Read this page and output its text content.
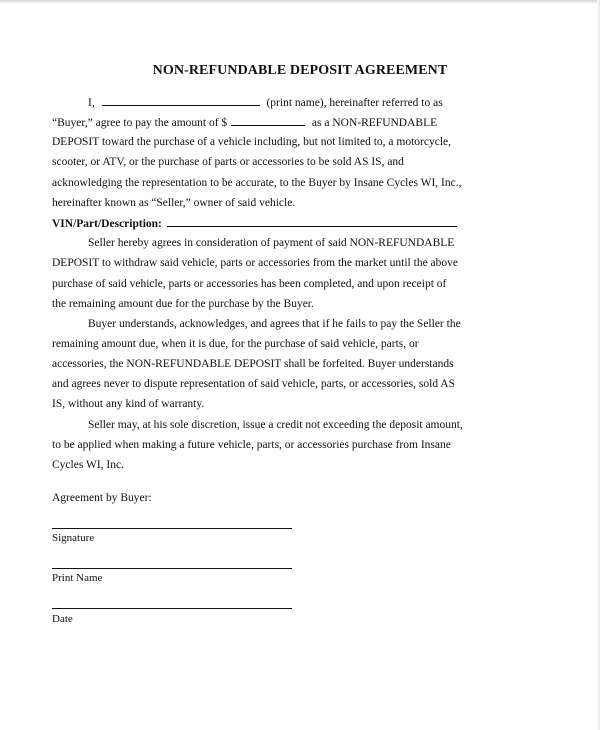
NON-REFUNDABLE DEPOSIT AGREEMENT
I,	(print name), hereinafter referred to as
“Buyer,” agree to pay the amount of $	as a NON-REFUNDABLE
DEPOSIT toward the purchase of a vehicle including, but not limited to, a motorcycle,
scooter, or ATV, or the purchase of parts or accessories to be sold AS IS, and
acknowledging the representation to be accurate, to the Buyer by Insane Cycles WI, Inc.,
hereinafter known as “Seller,” owner of said vehicle.
VIN/Part/Description:
Seller hereby agrees in consideration of payment of said NON-REFUNDABLE
DEPOSIT to withdraw said vehicle, parts or accessories from the market until the above
purchase of said vehicle, parts or accessories has been completed, and upon receipt of
the remaining amount due for the purchase by the Buyer.
Buyer understands, acknowledges, and agrees that if he fails to pay the Seller the
remaining amount due, when it is due, for the purchase of said vehicle, parts, or
accessories, the NON-REFUNDABLE DEPOSIT shall be forfeited. Buyer understands
and agrees never to dispute representation of said vehicle, parts, or accessories, sold AS
IS, without any kind of warranty.
Seller may, at his sole discretion, issue a credit not exceeding the deposit amount,
to be applied when making a future vehicle, parts, or accessories purchase from Insane
Cycles WI, Inc.
Agreement by Buyer:
Signature
Print Name
Date
